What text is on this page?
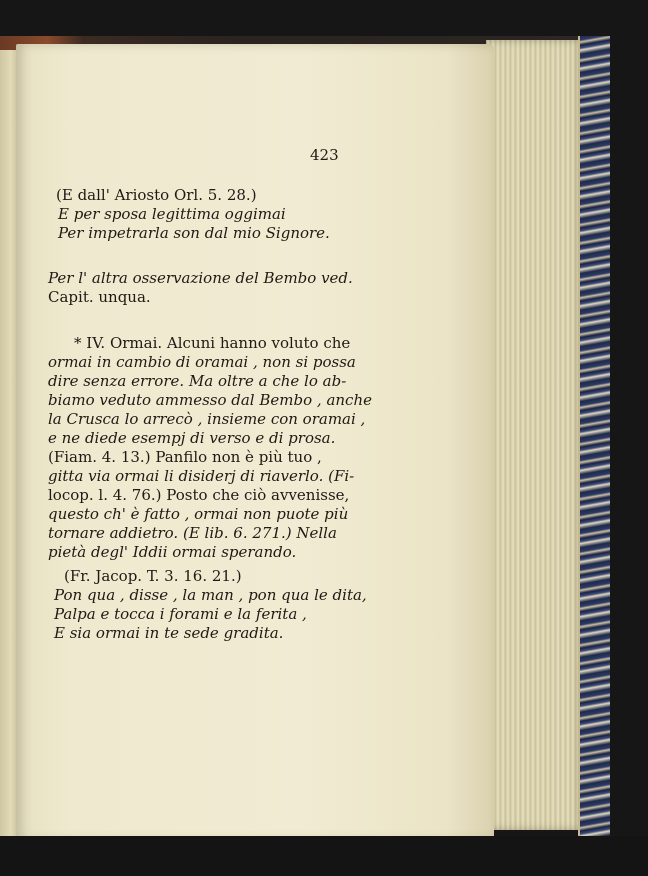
423
(E dall' Ariosto Orl. 5. 28.)
E per sposa legittima oggimai
Per impetrarla son dal mio Signore.
Per l' altra osservazione del Bembo ved.
Capit. unqua.
* IV. Ormai. Alcuni hanno voluto che
ormai in cambio di oramai , non si possa
dire senza errore. Ma oltre a che lo ab-
biamo veduto ammesso dal Bembo , anche
la Crusca lo arrecò , insieme con oramai ,
e ne diede esempj di verso e di prosa.
(Fiam. 4. 13.) Panfilo non è più tuo ,
gitta via ormai li disiderj di riaverlo. (Fi-
locop. l. 4. 76.) Posto che ciò avvenisse,
questo ch' è fatto , ormai non puote più
tornare addietro. (E lib. 6. 271.) Nella
pietà degl' Iddii ormai sperando.
(Fr. Jacop. T. 3. 16. 21.)
Pon qua , disse , la man , pon qua le dita,
Palpa e tocca i forami e la ferita ,
E sia ormai in te sede gradita.
